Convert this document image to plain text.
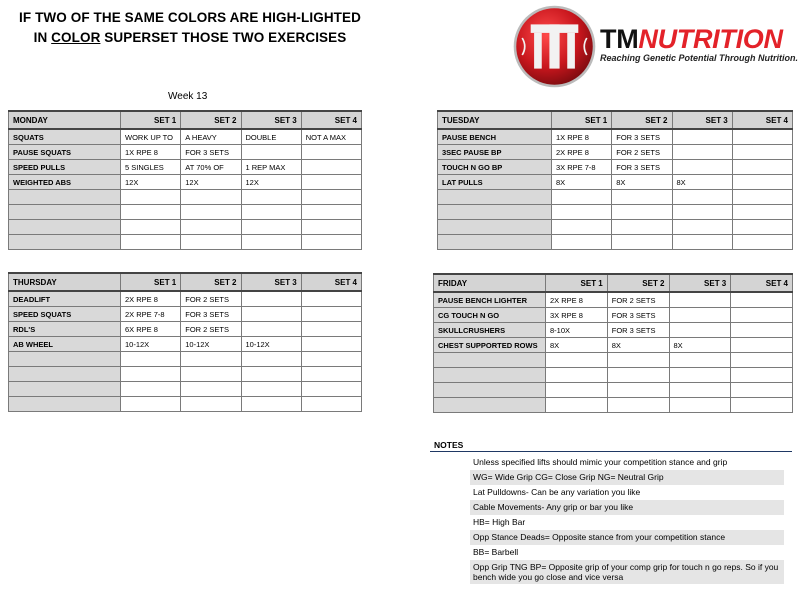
IF TWO OF THE SAME COLORS ARE HIGH-LIGHTED
IN COLOR SUPERSET THOSE TWO EXERCISES	TMNUTRITION
Reaching Genetic Potential Through Nutrition.
Week 13
MONDAY	SET 1	SET 2	SET 3	SET 4
SQUATS	WORK UP TO	A HEAVY	DOUBLE	NOT A MAX
PAUSE SQUATS	1X RPE 8	FOR 3 SETS		
SPEED PULLS	5 SINGLES	AT 70% OF	1 REP MAX	
WEIGHTED ABS	12X	12X	12X	

TUESDAY	SET 1	SET 2	SET 3	SET 4
PAUSE BENCH	1X RPE 8	FOR 3 SETS		
3SEC PAUSE BP	2X RPE 8	FOR 2 SETS		
TOUCH N GO BP	3X RPE 7-8	FOR 3 SETS		
LAT PULLS	8X	8X	8X	

THURSDAY	SET 1	SET 2	SET 3	SET 4
DEADLIFT	2X RPE 8	FOR 2 SETS		
SPEED SQUATS	2X RPE 7-8	FOR 3 SETS		
RDL'S	6X RPE 8	FOR 2 SETS		
AB WHEEL	10-12X	10-12X	10-12X	

FRIDAY	SET 1	SET 2	SET 3	SET 4
PAUSE BENCH LIGHTER	2X RPE 8	FOR 2 SETS		
CG TOUCH N GO	3X RPE 8	FOR 3 SETS		
SKULLCRUSHERS	8-10X	FOR 3 SETS		
CHEST SUPPORTED ROWS	8X	8X	8X	

NOTES
Unless specified lifts should mimic your competition stance and grip
WG= Wide Grip CG= Close Grip NG= Neutral Grip
Lat Pulldowns- Can be any variation you like
Cable Movements- Any grip or bar you like
HB= High Bar
Opp Stance Deads= Opposite stance from your competition stance
BB= Barbell
Opp Grip TNG BP= Opposite grip of your comp grip for touch n go reps. So if you bench wide you go close and vice versa
